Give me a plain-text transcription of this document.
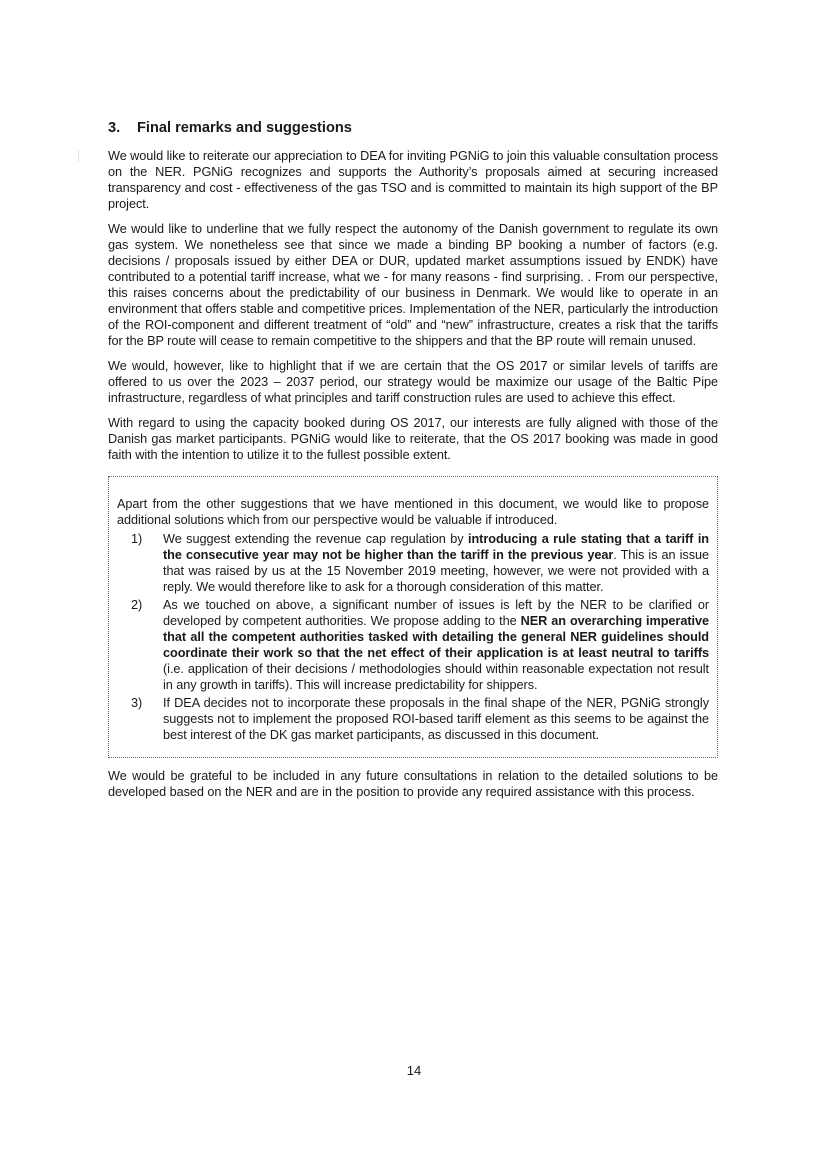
3. Final remarks and suggestions

We would like to reiterate our appreciation to DEA for inviting PGNiG to join this valuable consultation process on the NER. PGNiG recognizes and supports the Authority’s proposals aimed at securing increased transparency and cost - effectiveness of the gas TSO and is committed to maintain its high support of the BP project.

We would like to underline that we fully respect the autonomy of the Danish government to regulate its own gas system. We nonetheless see that since we made a binding BP booking a number of factors (e.g. decisions / proposals issued by either DEA or DUR, updated market assumptions issued by ENDK) have contributed to a potential tariff increase, what we - for many reasons - find surprising. . From our perspective, this raises concerns about the predictability of our business in Denmark. We would like to operate in an environment that offers stable and competitive prices. Implementation of the NER, particularly the introduction of the ROI-component and different treatment of “old” and “new” infrastructure, creates a risk that the tariffs for the BP route will cease to remain competitive to the shippers and that the BP route will remain unused.

We would, however, like to highlight that if we are certain that the OS 2017 or similar levels of tariffs are offered to us over the 2023 – 2037 period, our strategy would be maximize our usage of the Baltic Pipe infrastructure, regardless of what principles and tariff construction rules are used to achieve this effect.

With regard to using the capacity booked during OS 2017, our interests are fully aligned with those of the Danish gas market participants. PGNiG would like to reiterate, that the OS 2017 booking was made in good faith with the intention to utilize it to the fullest possible extent.

Apart from the other suggestions that we have mentioned in this document, we would like to propose additional solutions which from our perspective would be valuable if introduced.

1) We suggest extending the revenue cap regulation by introducing a rule stating that a tariff in the consecutive year may not be higher than the tariff in the previous year. This is an issue that was raised by us at the 15 November 2019 meeting, however, we were not provided with a reply. We would therefore like to ask for a thorough consideration of this matter.
2) As we touched on above, a significant number of issues is left by the NER to be clarified or developed by competent authorities. We propose adding to the NER an overarching imperative that all the competent authorities tasked with detailing the general NER guidelines should coordinate their work so that the net effect of their application is at least neutral to tariffs (i.e. application of their decisions / methodologies should within reasonable expectation not result in any growth in tariffs). This will increase predictability for shippers.
3) If DEA decides not to incorporate these proposals in the final shape of the NER, PGNiG strongly suggests not to implement the proposed ROI-based tariff element as this seems to be against the best interest of the DK gas market participants, as discussed in this document.

We would be grateful to be included in any future consultations in relation to the detailed solutions to be developed based on the NER and are in the position to provide any required assistance with this process.

14
